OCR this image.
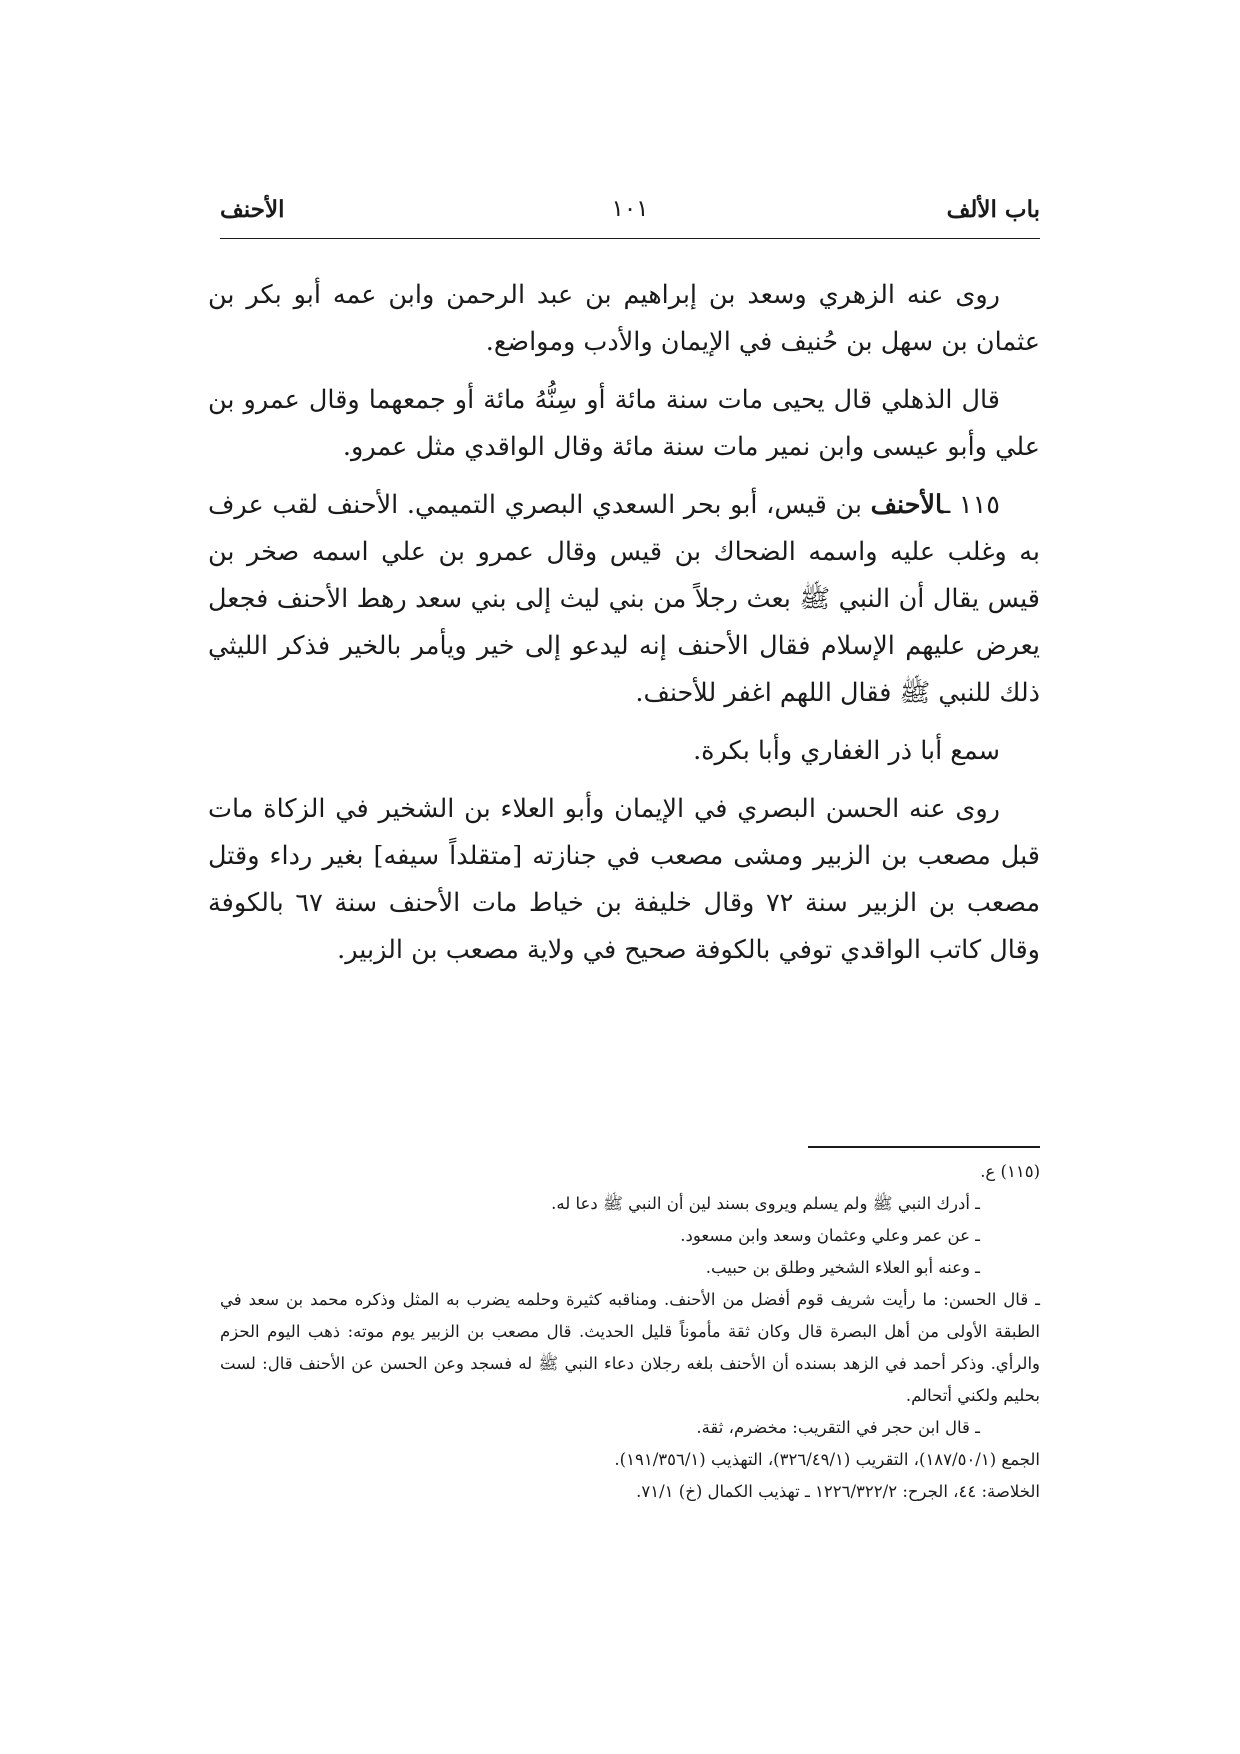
باب الألف
١٠١
الأحنف

روى عنه الزهري وسعد بن إبراهيم بن عبد الرحمن وابن عمه أبو بكر بن عثمان بن سهل بن حُنيف في الإيمان والأدب ومواضع.

قال الذهلي قال يحيى مات سنة مائة أو سِنُّهُ مائة أو جمعهما وقال عمرو بن علي وأبو عيسى وابن نمير مات سنة مائة وقال الواقدي مثل عمرو.

١١٥ ـالأحنف بن قيس، أبو بحر السعدي البصري التميمي. الأحنف لقب عرف به وغلب عليه واسمه الضحاك بن قيس وقال عمرو بن علي اسمه صخر بن قيس يقال أن النبي ﷺ بعث رجلاً من بني ليث إلى بني سعد رهط الأحنف فجعل يعرض عليهم الإسلام فقال الأحنف إنه ليدعو إلى خير ويأمر بالخير فذكر الليثي ذلك للنبي ﷺ فقال اللهم اغفر للأحنف.

سمع أبا ذر الغفاري وأبا بكرة.

روى عنه الحسن البصري في الإيمان وأبو العلاء بن الشخير في الزكاة مات قبل مصعب بن الزبير ومشى مصعب في جنازته [متقلداً سيفه] بغير رداء وقتل مصعب بن الزبير سنة ٧٢ وقال خليفة بن خياط مات الأحنف سنة ٦٧ بالكوفة وقال كاتب الواقدي توفي بالكوفة صحيح في ولاية مصعب بن الزبير.

(١١٥) ع.

ـ أدرك النبي ﷺ ولم يسلم ويروى بسند لين أن النبي ﷺ دعا له.

ـ عن عمر وعلي وعثمان وسعد وابن مسعود.

ـ وعنه أبو العلاء الشخير وطلق بن حبيب.

ـ قال الحسن: ما رأيت شريف قوم أفضل من الأحنف. ومناقبه كثيرة وحلمه يضرب به المثل وذكره محمد بن سعد في الطبقة الأولى من أهل البصرة قال وكان ثقة مأموناً قليل الحديث. قال مصعب بن الزبير يوم موته: ذهب اليوم الحزم والرأي. وذكر أحمد في الزهد بسنده أن الأحنف بلغه رجلان دعاء النبي ﷺ له فسجد وعن الحسن عن الأحنف قال: لست بحليم ولكني أتحالم.

ـ قال ابن حجر في التقريب: مخضرم، ثقة.

الجمع (١٨٧/٥٠/١)، التقريب (٣٢٦/٤٩/١)، التهذيب (١٩١/٣٥٦/١).

الخلاصة: ٤٤، الجرح: ١٢٢٦/٣٢٢/٢ ـ تهذيب الكمال (خ) ٧١/١.
